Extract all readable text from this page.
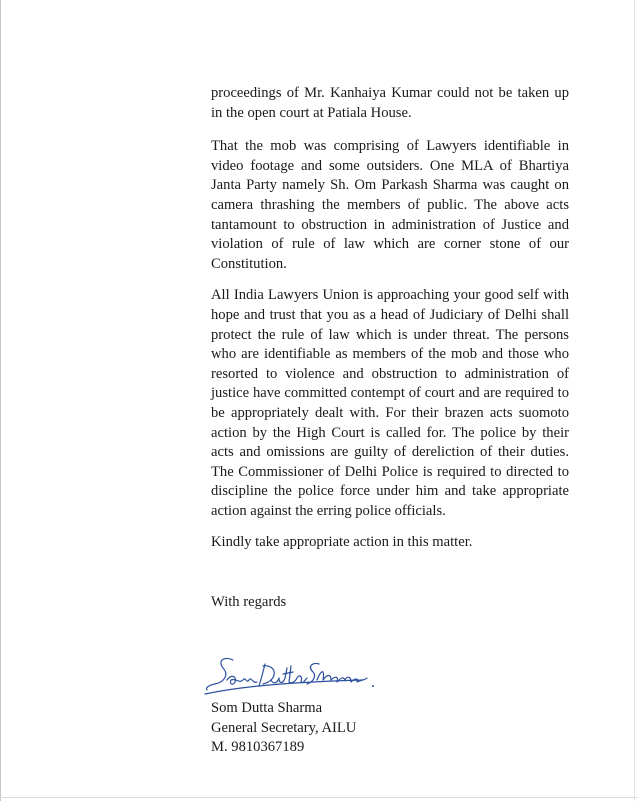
proceedings of Mr. Kanhaiya Kumar could not be taken up in the open court at Patiala House.

That the mob was comprising of Lawyers identifiable in video footage and some outsiders. One MLA of Bhartiya Janta Party namely Sh. Om Parkash Sharma was caught on camera thrashing the members of public. The above acts tantamount to obstruction in administration of Justice and violation of rule of law which are corner stone of our Constitution.

All India Lawyers Union is approaching your good self with hope and trust that you as a head of Judiciary of Delhi shall protect the rule of law which is under threat. The persons who are identifiable as members of the mob and those who resorted to violence and obstruction to administration of justice have committed contempt of court and are required to be appropriately dealt with. For their brazen acts suomoto action by the High Court is called for. The police by their acts and omissions are guilty of dereliction of their duties. The Commissioner of Delhi Police is required to directed to discipline the police force under him and take appropriate action against the erring police officials.

Kindly take appropriate action in this matter.

With regards

Som Dutta Sharma
General Secretary, AILU
M. 9810367189
